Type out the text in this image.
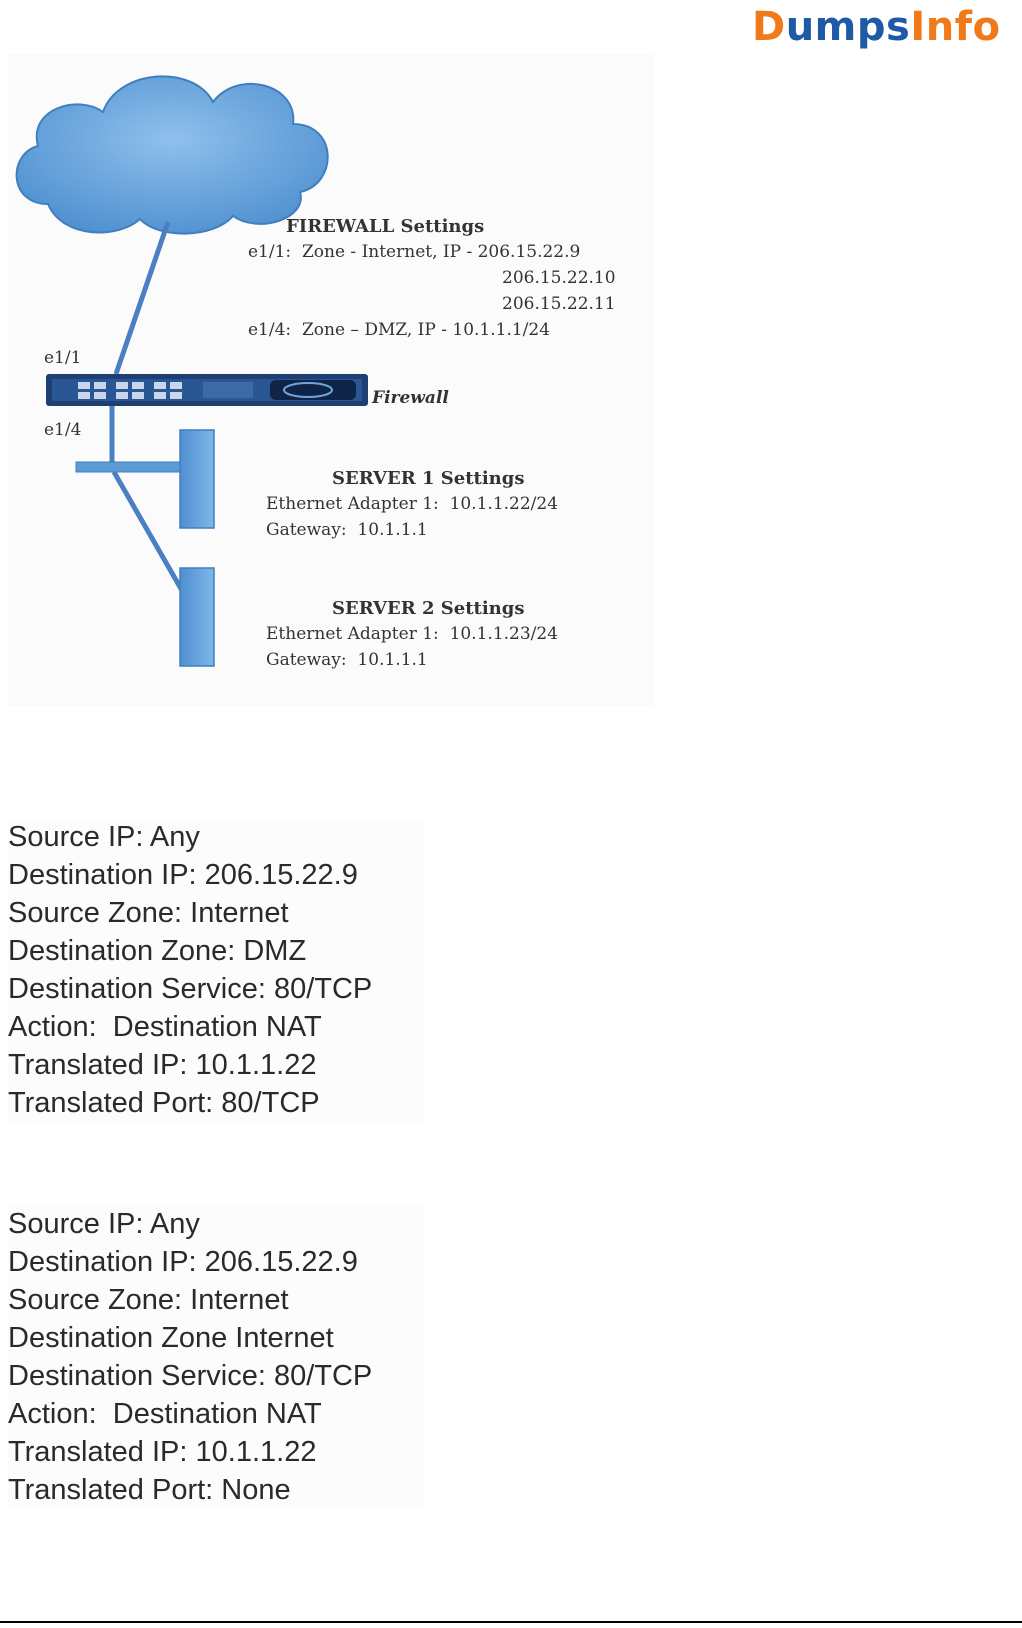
DumpsInfo
FIREWALL Settings
e1/1:  Zone - Internet, IP - 206.15.22.9
206.15.22.10
206.15.22.11
e1/4:  Zone – DMZ, IP - 10.1.1.1/24
e1/1
Firewall
e1/4
SERVER 1 Settings
Ethernet Adapter 1:  10.1.1.22/24
Gateway:  10.1.1.1
SERVER 2 Settings
Ethernet Adapter 1:  10.1.1.23/24
Gateway:  10.1.1.1
Source IP: Any
Destination IP: 206.15.22.9
Source Zone: Internet
Destination Zone: DMZ
Destination Service: 80/TCP
Action:  Destination NAT
Translated IP: 10.1.1.22
Translated Port: 80/TCP
Source IP: Any
Destination IP: 206.15.22.9
Source Zone: Internet
Destination Zone Internet
Destination Service: 80/TCP
Action:  Destination NAT
Translated IP: 10.1.1.22
Translated Port: None
